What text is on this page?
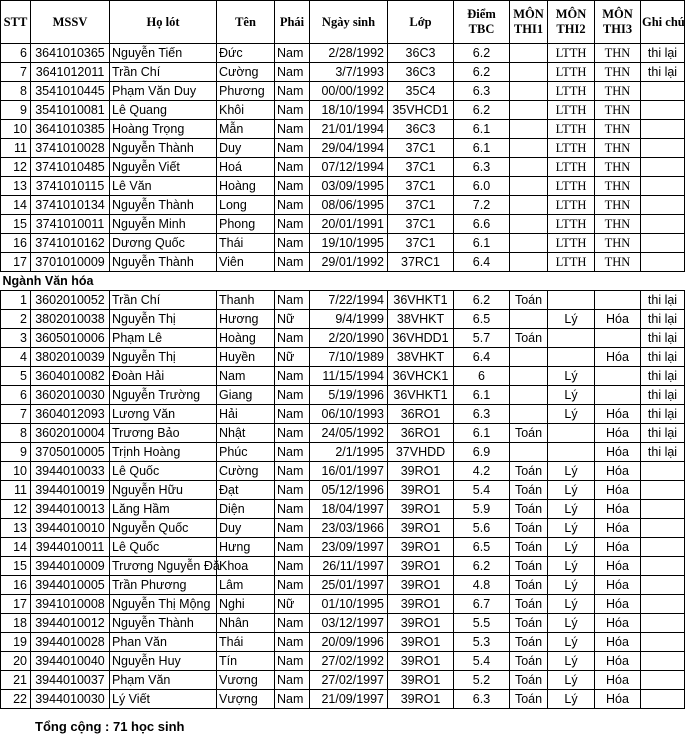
STT	MSSV	Họ lót	Tên	Phái	Ngày sinh	Lớp	Điểm TBC	MÔN THI1	MÔN THI2	MÔN THI3	Ghi chú
6	3641010365	Nguyễn Tiến	Đức	Nam	2/28/1992	36C3	6.2		LTTH	THN	thi lại
7	3641012011	Trần Chí	Cường	Nam	3/7/1993	36C3	6.2		LTTH	THN	thi lại
8	3541010445	Phạm Văn Duy	Phương	Nam	00/00/1992	35C4	6.3		LTTH	THN	
9	3541010081	Lê Quang	Khôi	Nam	18/10/1994	35VHCD1	6.2		LTTH	THN	
10	3641010385	Hoàng Trọng	Mẫn	Nam	21/01/1994	36C3	6.1		LTTH	THN	
11	3741010028	Nguyễn Thành	Duy	Nam	29/04/1994	37C1	6.1		LTTH	THN	
12	3741010485	Nguyễn Viết	Hoá	Nam	07/12/1994	37C1	6.3		LTTH	THN	
13	3741010115	Lê Văn	Hoàng	Nam	03/09/1995	37C1	6.0		LTTH	THN	
14	3741010134	Nguyễn Thành	Long	Nam	08/06/1995	37C1	7.2		LTTH	THN	
15	3741010011	Nguyễn Minh	Phong	Nam	20/01/1991	37C1	6.6		LTTH	THN	
16	3741010162	Dương Quốc	Thái	Nam	19/10/1995	37C1	6.1		LTTH	THN	
17	3701010009	Nguyễn Thành	Viên	Nam	29/01/1992	37RC1	6.4		LTTH	THN	
Ngành Văn hóa											
1	3602010052	Trần Chí	Thanh	Nam	7/22/1994	36VHKT1	6.2	Toán			thi lại
2	3802010038	Nguyễn Thị	Hương	Nữ	9/4/1999	38VHKT	6.5		Lý	Hóa	thi lại
3	3605010006	Phạm Lê	Hoàng	Nam	2/20/1990	36VHDD1	5.7	Toán			thi lại
4	3802010039	Nguyễn Thị	Huyền	Nữ	7/10/1989	38VHKT	6.4			Hóa	thi lại
5	3604010082	Đoàn Hải	Nam	Nam	11/15/1994	36VHCK1	6		Lý		thi lại
6	3602010030	Nguyễn Trường	Giang	Nam	5/19/1996	36VHKT1	6.1		Lý		thi lại
7	3604012093	Lương Văn	Hải	Nam	06/10/1993	36RO1	6.3		Lý	Hóa	thi lại
8	3602010004	Trương Bảo	Nhật	Nam	24/05/1992	36RO1	6.1	Toán		Hóa	thi lại
9	3705010005	Trịnh Hoàng	Phúc	Nam	2/1/1995	37VHDD	6.9			Hóa	thi lại
10	3944010033	Lê Quốc	Cường	Nam	16/01/1997	39RO1	4.2	Toán	Lý	Hóa	
11	3944010019	Nguyễn Hữu	Đạt	Nam	05/12/1996	39RO1	5.4	Toán	Lý	Hóa	
12	3944010013	Lăng Hầm	Diện	Nam	18/04/1997	39RO1	5.9	Toán	Lý	Hóa	
13	3944010010	Nguyễn Quốc	Duy	Nam	23/03/1966	39RO1	5.6	Toán	Lý	Hóa	
14	3944010011	Lê Quốc	Hưng	Nam	23/09/1997	39RO1	6.5	Toán	Lý	Hóa	
15	3944010009	Trương Nguyễn Đă	Khoa	Nam	26/11/1997	39RO1	6.2	Toán	Lý	Hóa	
16	3944010005	Trần Phương	Lâm	Nam	25/01/1997	39RO1	4.8	Toán	Lý	Hóa	
17	3941010008	Nguyễn Thị Mộng	Nghi	Nữ	01/10/1995	39RO1	6.7	Toán	Lý	Hóa	
18	3944010012	Nguyễn Thành	Nhân	Nam	03/12/1997	39RO1	5.5	Toán	Lý	Hóa	
19	3944010028	Phan Văn	Thái	Nam	20/09/1996	39RO1	5.3	Toán	Lý	Hóa	
20	3944010040	Nguyễn Huy	Tín	Nam	27/02/1992	39RO1	5.4	Toán	Lý	Hóa	
21	3944010037	Phạm Văn	Vương	Nam	27/02/1997	39RO1	5.2	Toán	Lý	Hóa	
22	3944010030	Lý Viết	Vượng	Nam	21/09/1997	39RO1	6.3	Toán	Lý	Hóa	
Tổng cộng : 71 học sinh
